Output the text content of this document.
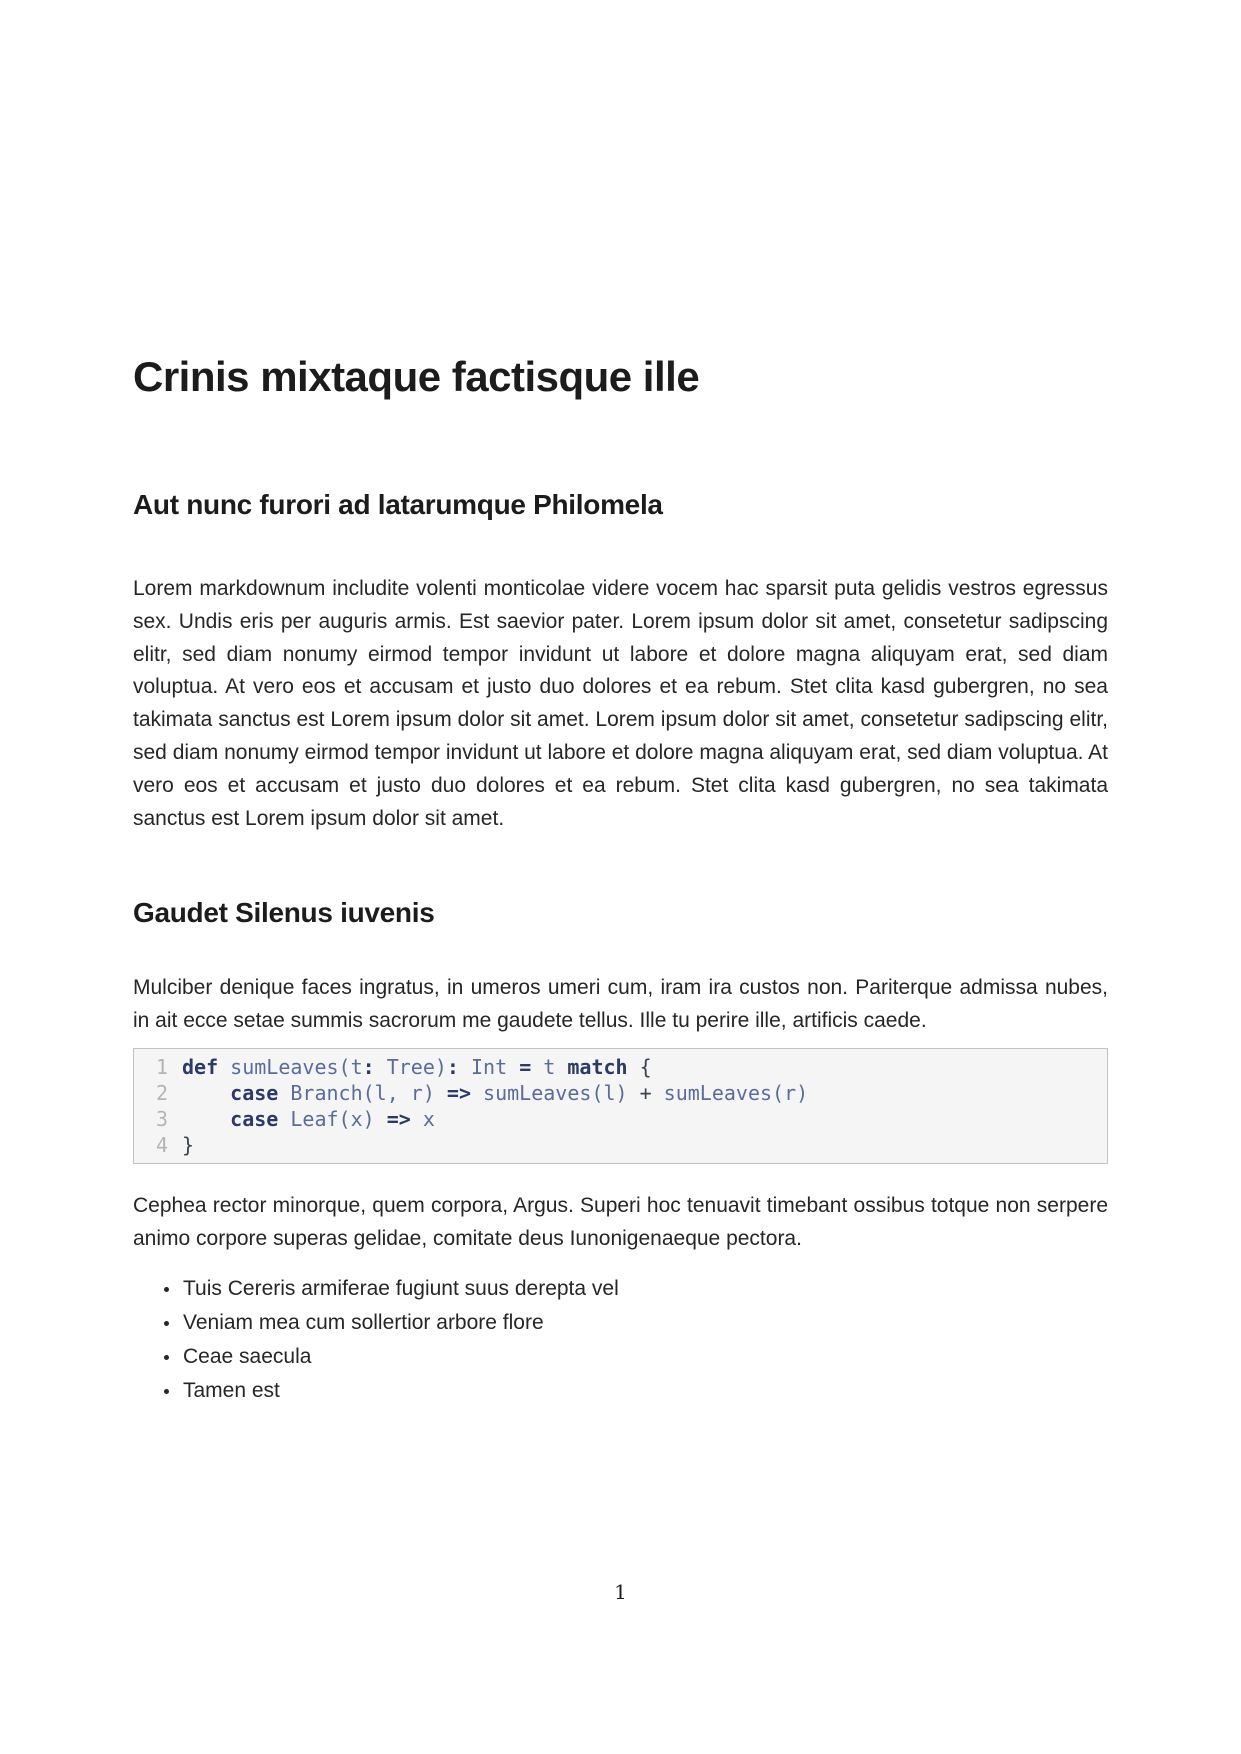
Crinis mixtaque factisque ille
Aut nunc furori ad latarumque Philomela

Lorem markdownum includite volenti monticolae videre vocem hac sparsit puta gelidis vestros egressus sex. Undis eris per auguris armis. Est saevior pater. Lorem ipsum dolor sit amet, consetetur sadipscing elitr, sed diam nonumy eirmod tempor invidunt ut labore et dolore magna aliquyam erat, sed diam voluptua. At vero eos et accusam et justo duo dolores et ea rebum. Stet clita kasd gubergren, no sea takimata sanctus est Lorem ipsum dolor sit amet. Lorem ipsum dolor sit amet, consetetur sadipscing elitr, sed diam nonumy eirmod tempor invidunt ut labore et dolore magna aliquyam erat, sed diam voluptua. At vero eos et accusam et justo duo dolores et ea rebum. Stet clita kasd gubergren, no sea takimata sanctus est Lorem ipsum dolor sit amet.

Gaudet Silenus iuvenis

Mulciber denique faces ingratus, in umeros umeri cum, iram ira custos non. Pariterque admissa nubes, in ait ecce setae summis sacrorum me gaudete tellus. Ille tu perire ille, artificis caede.

1 def sumLeaves(t: Tree): Int = t match {
2	case Branch(l, r) => sumLeaves(l) + sumLeaves(r)
3	case Leaf(x) => x
4 }

Cephea rector minorque, quem corpora, Argus. Superi hoc tenuavit timebant ossibus totque non serpere animo corpore superas gelidae, comitate deus Iunonigenaeque pectora.

Tuis Cereris armiferae fugiunt suus derepta vel
Veniam mea cum sollertior arbore flore
Ceae saecula
Tamen est
1
